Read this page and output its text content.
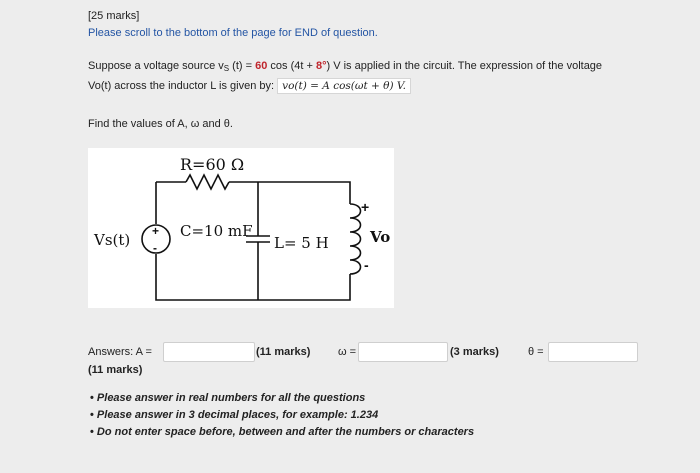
[25 marks]
Please scroll to the bottom of the page for END of question.
Suppose a voltage source $v_S$ (t) = 60 cos (4t + 8°) V is applied in the circuit. The expression of the voltage
Vo(t) across the inductor L is given by: vo(t) = A cos(ωt + θ) V.
Find the values of A, ω and θ.
+
-
R=60 Ω
C=10 mF
L= 5 H
Vs(t)
+
Vo
-
Answers: A =	(11 marks)	ω =	(3 marks)	θ =
(11 marks)
• Please answer in real numbers for all the questions
• Please answer in 3 decimal places, for example: 1.234
• Do not enter space before, between and after the numbers or characters
